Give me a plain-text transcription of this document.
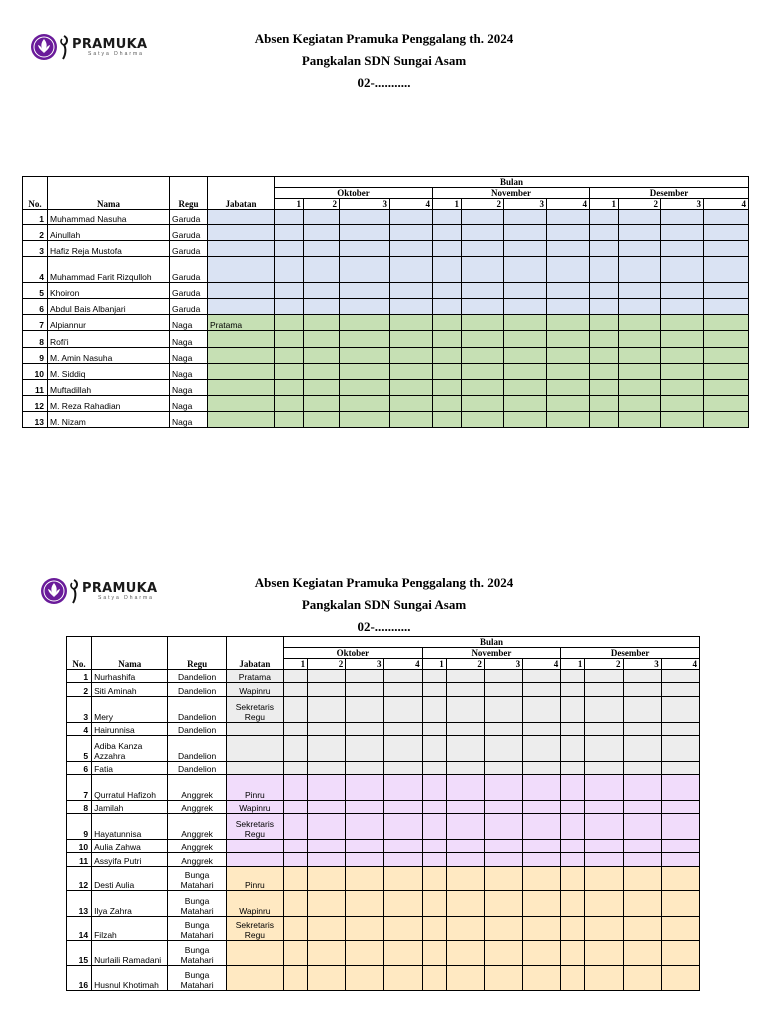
PRAMUKA
Satya Dharma
Absen Kegiatan Pramuka Penggalang th. 2024
Pangkalan SDN Sungai Asam
02-...........
No.	Nama	Regu	Jabatan	Bulan											
				Oktober				November				Desember			
				1	2	3	4	1	2	3	4	1	2	3	4
1	Muhammad Nasuha	Garuda													
2	Ainullah	Garuda													
3	Hafiz Reja Mustofa	Garuda													
4	Muhammad Farit Rizqulloh	Garuda													
5	Khoiron	Garuda													
6	Abdul Bais Albanjari	Garuda													
7	Alpiannur	Naga	Pratama												
8	Rofi'i	Naga													
9	M. Amin Nasuha	Naga													
10	M. Siddiq	Naga													
11	Muftadillah	Naga													
12	M. Reza Rahadian	Naga													
13	M. Nizam	Naga													
PRAMUKA
Satya Dharma
Absen Kegiatan Pramuka Penggalang th. 2024
Pangkalan SDN Sungai Asam
02-...........
No.	Nama	Regu	Jabatan	Bulan											
				Oktober				November				Desember			
				1	2	3	4	1	2	3	4	1	2	3	4
1	Nurhashifa	Dandelion	Pratama												
2	Siti Aminah	Dandelion	Wapinru												
3	Mery	Dandelion	Sekretaris Regu												
4	Hairunnisa	Dandelion													
5	Adiba Kanza Azzahra	Dandelion													
6	Fatia	Dandelion													
7	Qurratul Hafizoh	Anggrek	Pinru												
8	Jamilah	Anggrek	Wapinru												
9	Hayatunnisa	Anggrek	Sekretaris Regu												
10	Aulia Zahwa	Anggrek													
11	Assyifa Putri	Anggrek													
12	Desti Aulia	Bunga Matahari	Pinru												
13	Ilya Zahra	Bunga Matahari	Wapinru												
14	Filzah	Bunga Matahari	Sekretaris Regu												
15	Nurlaili Ramadani	Bunga Matahari													
16	Husnul Khotimah	Bunga Matahari													
